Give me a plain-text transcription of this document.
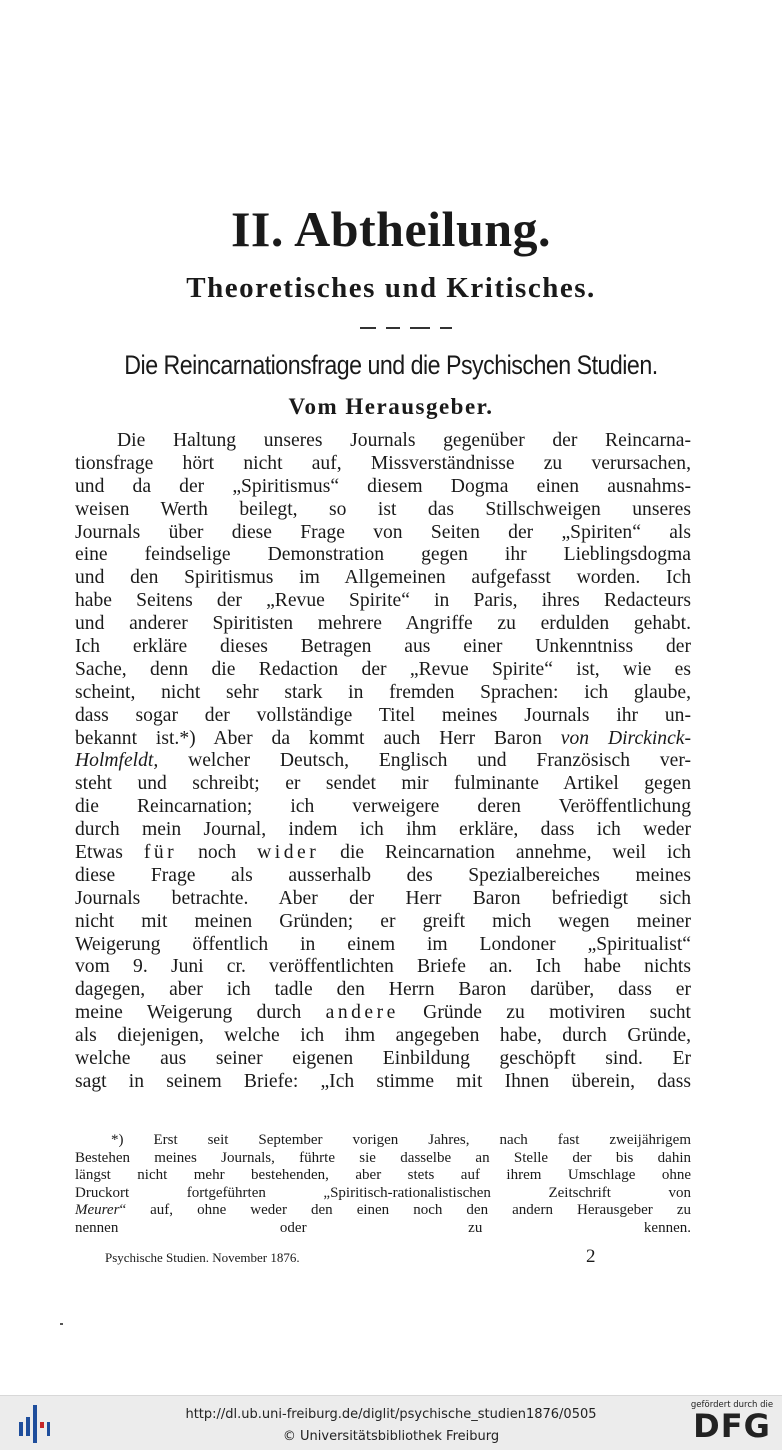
II. Abtheilung.
Theoretisches und Kritisches.
Die Reincarnationsfrage und die Psychischen Studien.
Vom Herausgeber.
Die Haltung unseres Journals gegenüber der Reincarna-
tionsfrage hört nicht auf, Missverständnisse zu verursachen,
und da der „Spiritismus“ diesem Dogma einen ausnahms-
weisen Werth beilegt, so ist das Stillschweigen unseres
Journals über diese Frage von Seiten der „Spiriten“ als
eine feindselige Demonstration gegen ihr Lieblingsdogma
und den Spiritismus im Allgemeinen aufgefasst worden. Ich
habe Seitens der „Revue Spirite“ in Paris, ihres Redacteurs
und anderer Spiritisten mehrere Angriffe zu erdulden gehabt.
Ich erkläre dieses Betragen aus einer Unkenntniss der
Sache, denn die Redaction der „Revue Spirite“ ist, wie es
scheint, nicht sehr stark in fremden Sprachen: ich glaube,
dass sogar der vollständige Titel meines Journals ihr un-
bekannt ist.*) Aber da kommt auch Herr Baron von Dirckinck-
Holmfeldt, welcher Deutsch, Englisch und Französisch ver-
steht und schreibt; er sendet mir fulminante Artikel gegen
die Reincarnation; ich verweigere deren Veröffentlichung
durch mein Journal, indem ich ihm erkläre, dass ich weder
Etwas für noch wider die Reincarnation annehme, weil ich
diese Frage als ausserhalb des Spezialbereiches meines
Journals betrachte. Aber der Herr Baron befriedigt sich
nicht mit meinen Gründen; er greift mich wegen meiner
Weigerung öffentlich in einem im Londoner „Spiritualist“
vom 9. Juni cr. veröffentlichten Briefe an. Ich habe nichts
dagegen, aber ich tadle den Herrn Baron darüber, dass er
meine Weigerung durch andere Gründe zu motiviren sucht
als diejenigen, welche ich ihm angegeben habe, durch Gründe,
welche aus seiner eigenen Einbildung geschöpft sind. Er
sagt in seinem Briefe: „Ich stimme mit Ihnen überein, dass
*) Erst seit September vorigen Jahres, nach fast zweijährigem
Bestehen meines Journals, führte sie dasselbe an Stelle der bis dahin
längst nicht mehr bestehenden, aber stets auf ihrem Umschlage ohne
Druckort fortgeführten „Spiritisch-rationalistischen Zeitschrift von
Meurer“ auf, ohne weder den einen noch den andern Herausgeber zu
nennen oder zu kennen.
Psychische Studien. November 1876.	2
http://dl.ub.uni-freiburg.de/diglit/psychische_studien1876/0505
© Universitätsbibliothek Freiburg
gefördert durch die
DFG
